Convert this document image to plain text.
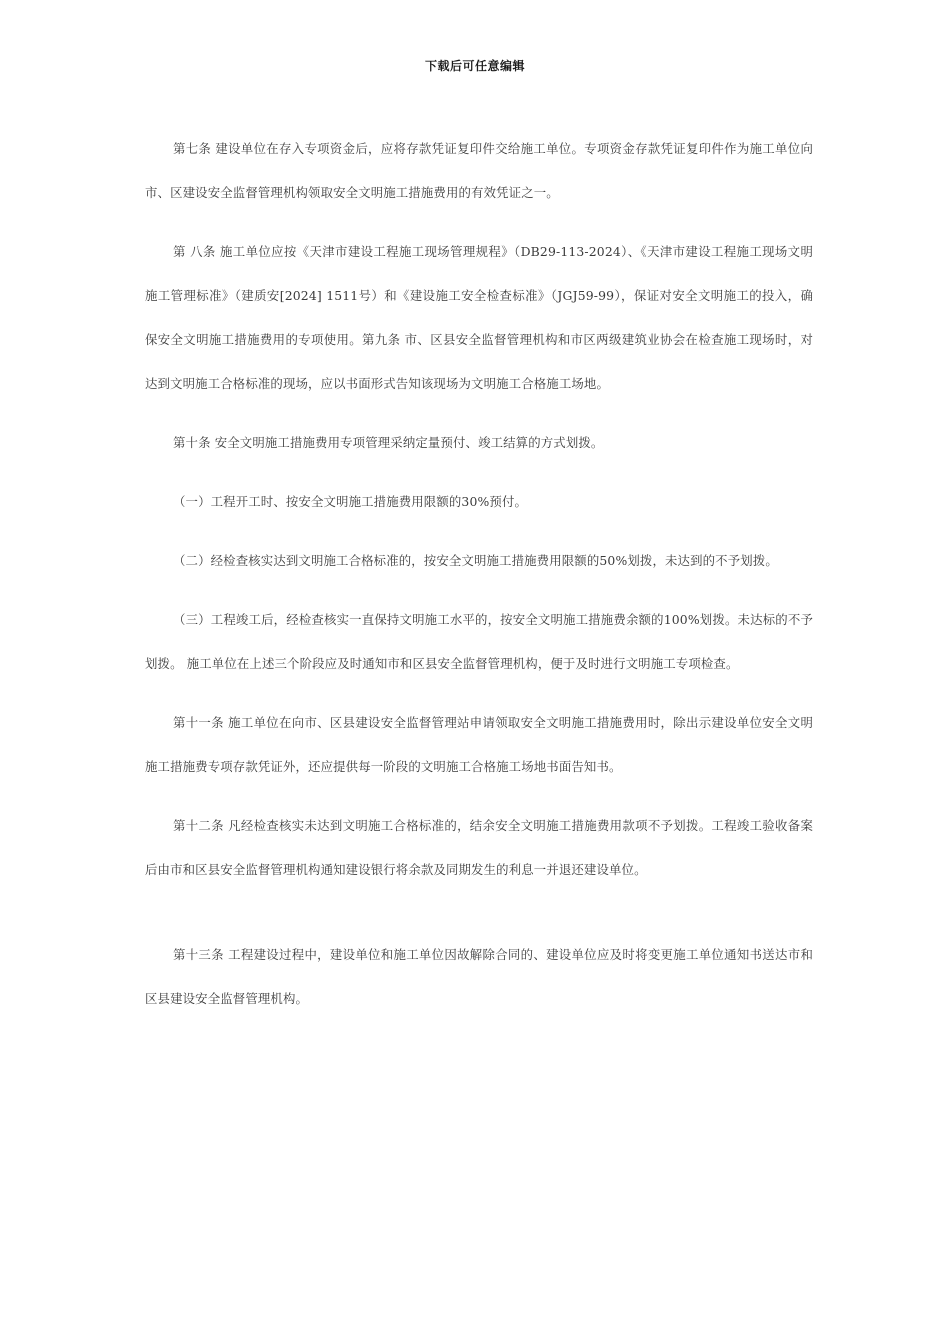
下载后可任意编辑

第七条 建设单位在存入专项资金后，应将存款凭证复印件交给施工单位。专项资金存款凭证复印件作为施工单位向市、区建设安全监督管理机构领取安全文明施工措施费用的有效凭证之一。

第 八条 施工单位应按《天津市建设工程施工现场管理规程》（DB29-113-2024）、《天津市建设工程施工现场文明施工管理标准》（建质安[2024] 1511号）和《建设施工安全检查标准》（JGJ59-99），保证对安全文明施工的投入，确保安全文明施工措施费用的专项使用。第九条 市、区县安全监督管理机构和市区两级建筑业协会在检查施工现场时，对达到文明施工合格标准的现场，应以书面形式告知该现场为文明施工合格施工场地。

第十条 安全文明施工措施费用专项管理采纳定量预付、竣工结算的方式划拨。

（一）工程开工时、按安全文明施工措施费用限额的30%预付。

（二）经检查核实达到文明施工合格标准的，按安全文明施工措施费用限额的50%划拨，未达到的不予划拨。

（三）工程竣工后，经检查核实一直保持文明施工水平的，按安全文明施工措施费余额的100%划拨。未达标的不予划拨。 施工单位在上述三个阶段应及时通知市和区县安全监督管理机构，便于及时进行文明施工专项检查。

第十一条 施工单位在向市、区县建设安全监督管理站申请领取安全文明施工措施费用时，除出示建设单位安全文明施工措施费专项存款凭证外，还应提供每一阶段的文明施工合格施工场地书面告知书。

第十二条 凡经检查核实未达到文明施工合格标准的，结余安全文明施工措施费用款项不予划拨。工程竣工验收备案后由市和区县安全监督管理机构通知建设银行将余款及同期发生的利息一并退还建设单位。

第十三条 工程建设过程中，建设单位和施工单位因故解除合同的、建设单位应及时将变更施工单位通知书送达市和区县建设安全监督管理机构。
